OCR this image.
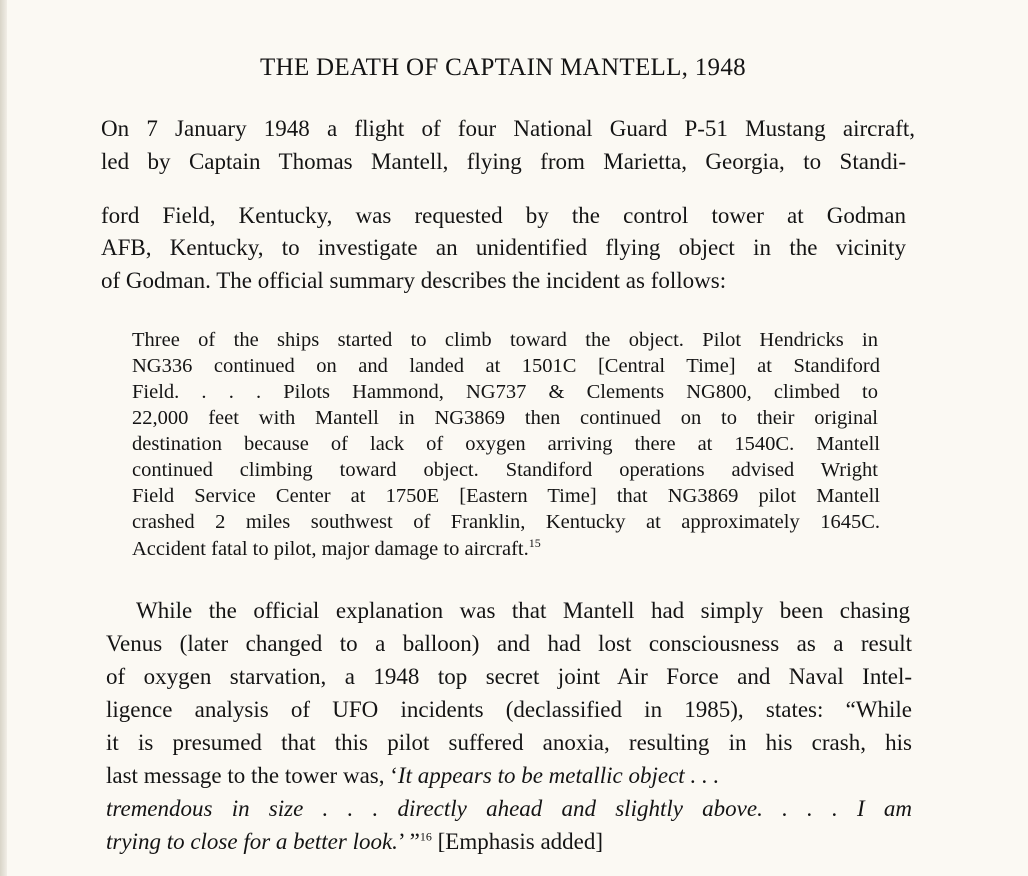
THE DEATH OF CAPTAIN MANTELL, 1948

On 7 January 1948 a flight of four National Guard P-51 Mustang aircraft,

led by Captain Thomas Mantell, flying from Marietta, Georgia, to Standi-

ford Field, Kentucky, was requested by the control tower at Godman

AFB, Kentucky, to investigate an unidentified flying object in the vicinity

of Godman. The official summary describes the incident as follows:

Three of the ships started to climb toward the object. Pilot Hendricks in

NG336 continued on and landed at 1501C [Central Time] at Standiford

Field. . . . Pilots Hammond, NG737 & Clements NG800, climbed to

22,000 feet with Mantell in NG3869 then continued on to their original

destination because of lack of oxygen arriving there at 1540C. Mantell

continued climbing toward object. Standiford operations advised Wright

Field Service Center at 1750E [Eastern Time] that NG3869 pilot Mantell

crashed 2 miles southwest of Franklin, Kentucky at approximately 1645C.

Accident fatal to pilot, major damage to aircraft.$^{15}$

While the official explanation was that Mantell had simply been chasing

Venus (later changed to a balloon) and had lost consciousness as a result

of oxygen starvation, a 1948 top secret joint Air Force and Naval Intel-

ligence analysis of UFO incidents (declassified in 1985), states: “While

it is presumed that this pilot suffered anoxia, resulting in his crash, his

last message to the tower was, ‘It appears to be metallic object . . .

tremendous in size . . . directly ahead and slightly above. . . . I am

trying to close for a better look.’ ”$^{16}$ [Emphasis added]
